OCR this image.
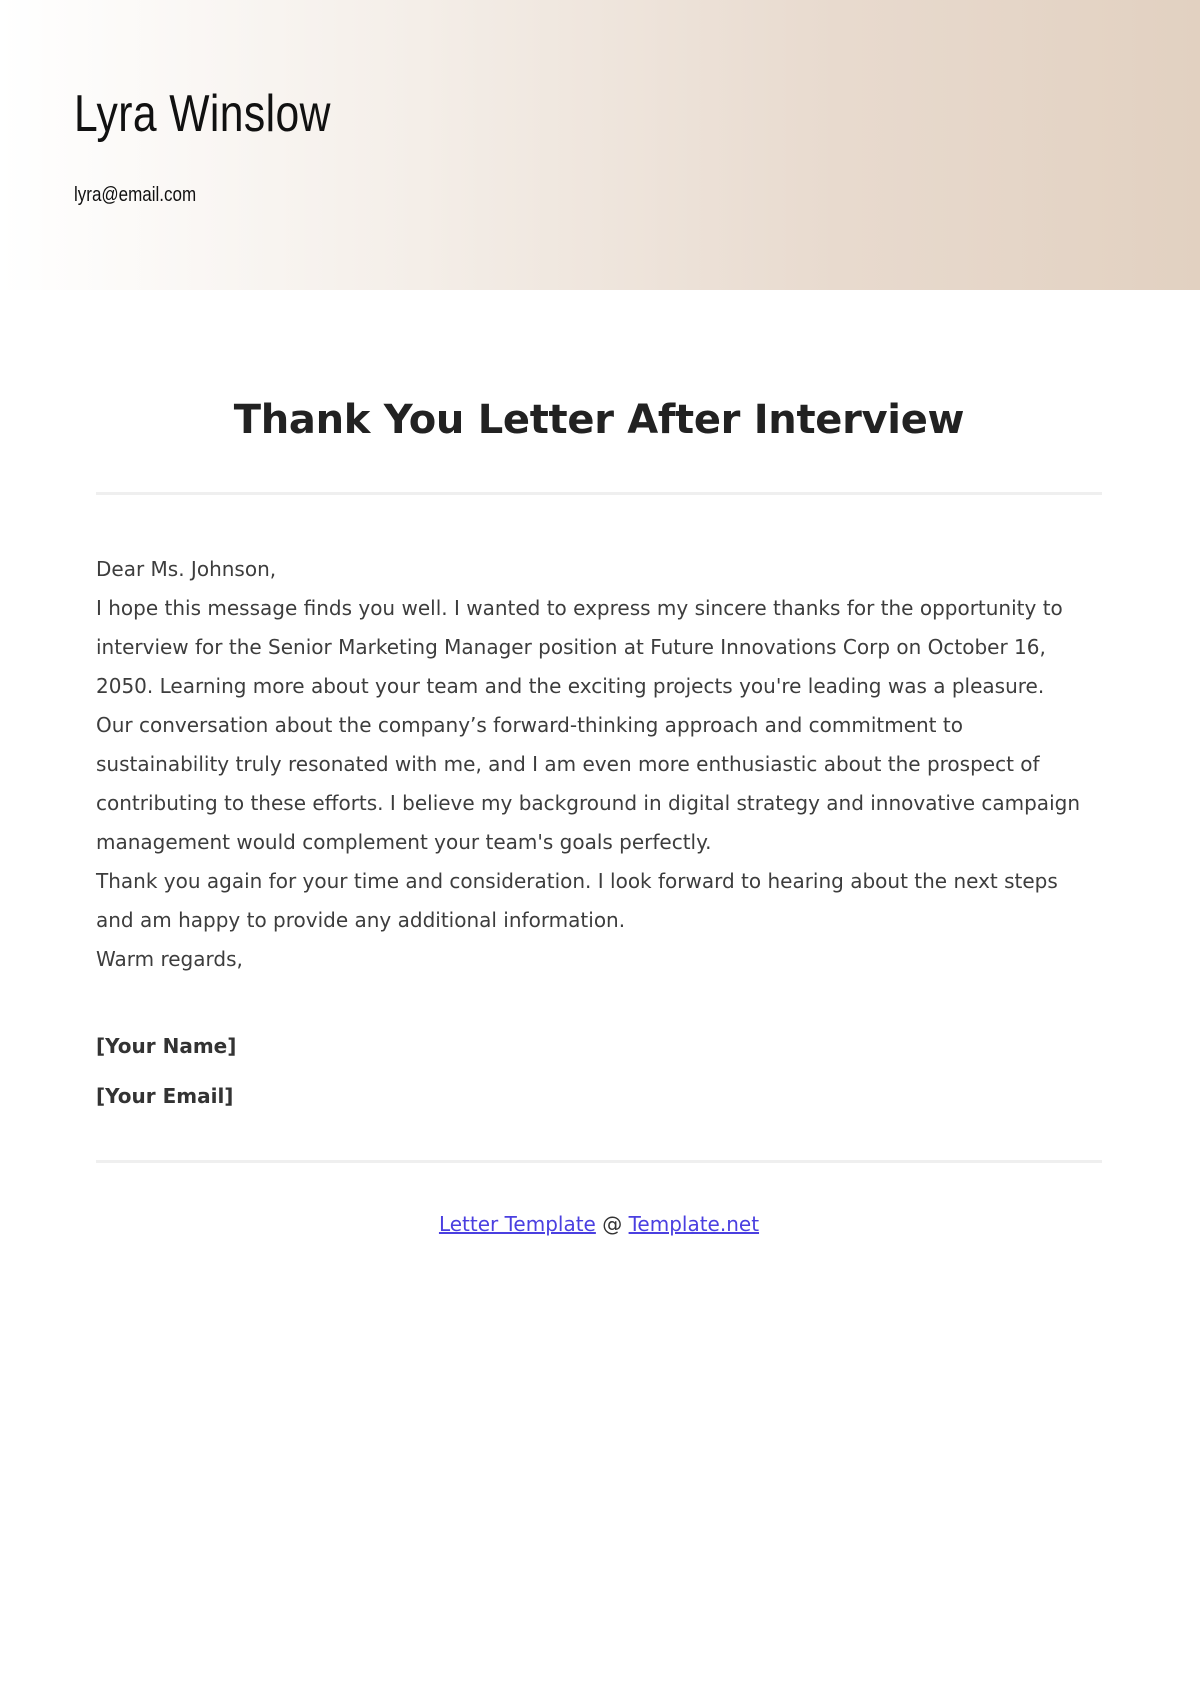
Lyra Winslow
lyra@email.com
Thank You Letter After Interview

Dear Ms. Johnson,

I hope this message finds you well. I wanted to express my sincere thanks for the opportunity to interview for the Senior Marketing Manager position at Future Innovations Corp on October 16, 2050. Learning more about your team and the exciting projects you're leading was a pleasure.

Our conversation about the company’s forward-thinking approach and commitment to sustainability truly resonated with me, and I am even more enthusiastic about the prospect of contributing to these efforts. I believe my background in digital strategy and innovative campaign management would complement your team's goals perfectly.

Thank you again for your time and consideration. I look forward to hearing about the next steps and am happy to provide any additional information.

Warm regards,

[Your Name]
[Your Email]
Letter Template @ Template.net
